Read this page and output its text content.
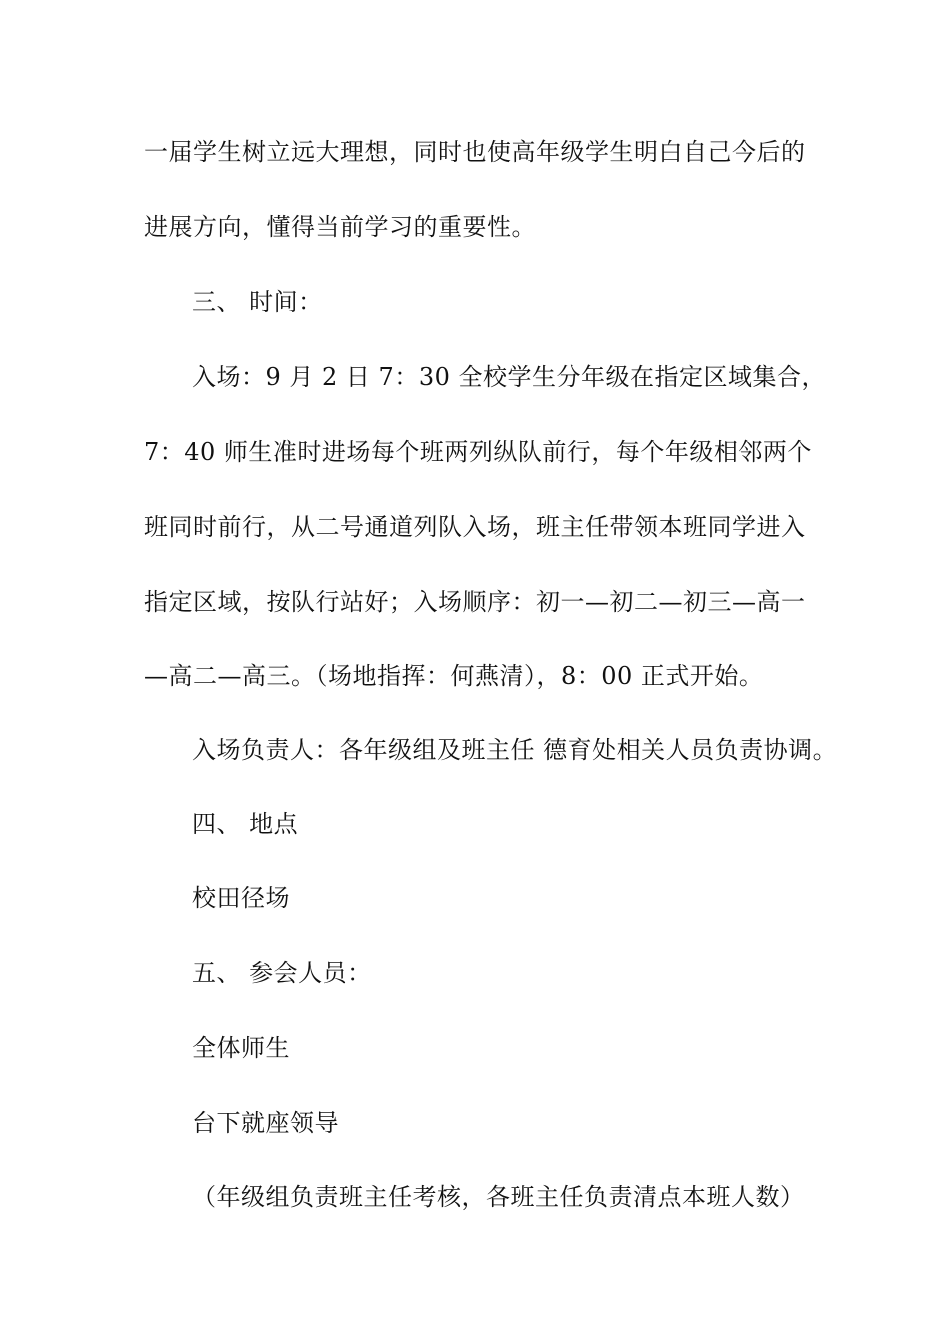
一届学生树立远大理想，同时也使高年级学生明白自己今后的
进展方向，懂得当前学习的重要性。
三、 时间：
入场：9 月 2 日 7：30 全校学生分年级在指定区域集合，
7：40 师生准时进场每个班两列纵队前行，每个年级相邻两个
班同时前行，从二号通道列队入场，班主任带领本班同学进入
指定区域，按队行站好；入场顺序：初一—初二—初三—高一
—高二—高三。（场地指挥：何燕清），8：00 正式开始。
入场负责人：各年级组及班主任 德育处相关人员负责协调。
四、 地点
校田径场
五、 参会人员：
全体师生
台下就座领导
（年级组负责班主任考核，各班主任负责清点本班人数）
